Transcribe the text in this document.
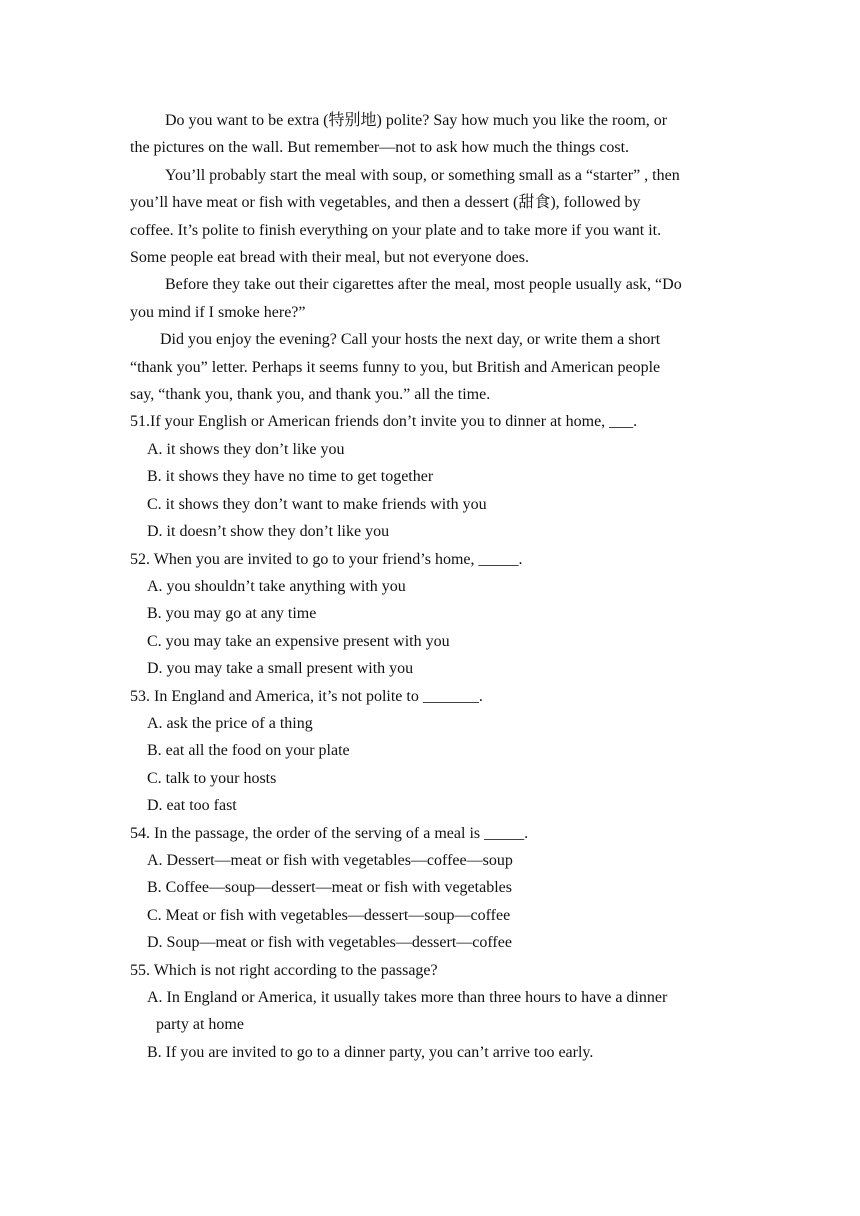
Do you want to be extra (特别地) polite? Say how much you like the room, or
the pictures on the wall. But remember—not to ask how much the things cost.
You’ll probably start the meal with soup, or something small as a “starter” , then
you’ll have meat or fish with vegetables, and then a dessert (甜食), followed by
coffee. It’s polite to finish everything on your plate and to take more if you want it.
Some people eat bread with their meal, but not everyone does.
Before they take out their cigarettes after the meal, most people usually ask, “Do
you mind if I smoke here?”
Did you enjoy the evening? Call your hosts the next day, or write them a short
“thank you” letter. Perhaps it seems funny to you, but British and American people
say, “thank you, thank you, and thank you.” all the time.
51.If your English or American friends don’t invite you to dinner at home, ___.
A. it shows they don’t like you
B. it shows they have no time to get together
C. it shows they don’t want to make friends with you
D. it doesn’t show they don’t like you
52. When you are invited to go to your friend’s home, _____.
A. you shouldn’t take anything with you
B. you may go at any time
C. you may take an expensive present with you
D. you may take a small present with you
53. In England and America, it’s not polite to _______.
A. ask the price of a thing
B. eat all the food on your plate
C. talk to your hosts
D. eat too fast
54. In the passage, the order of the serving of a meal is _____.
A. Dessert—meat or fish with vegetables—coffee—soup
B. Coffee—soup—dessert—meat or fish with vegetables
C. Meat or fish with vegetables—dessert—soup—coffee
D. Soup—meat or fish with vegetables—dessert—coffee
55. Which is not right according to the passage?
A. In England or America, it usually takes more than three hours to have a dinner
party at home
B. If you are invited to go to a dinner party, you can’t arrive too early.
